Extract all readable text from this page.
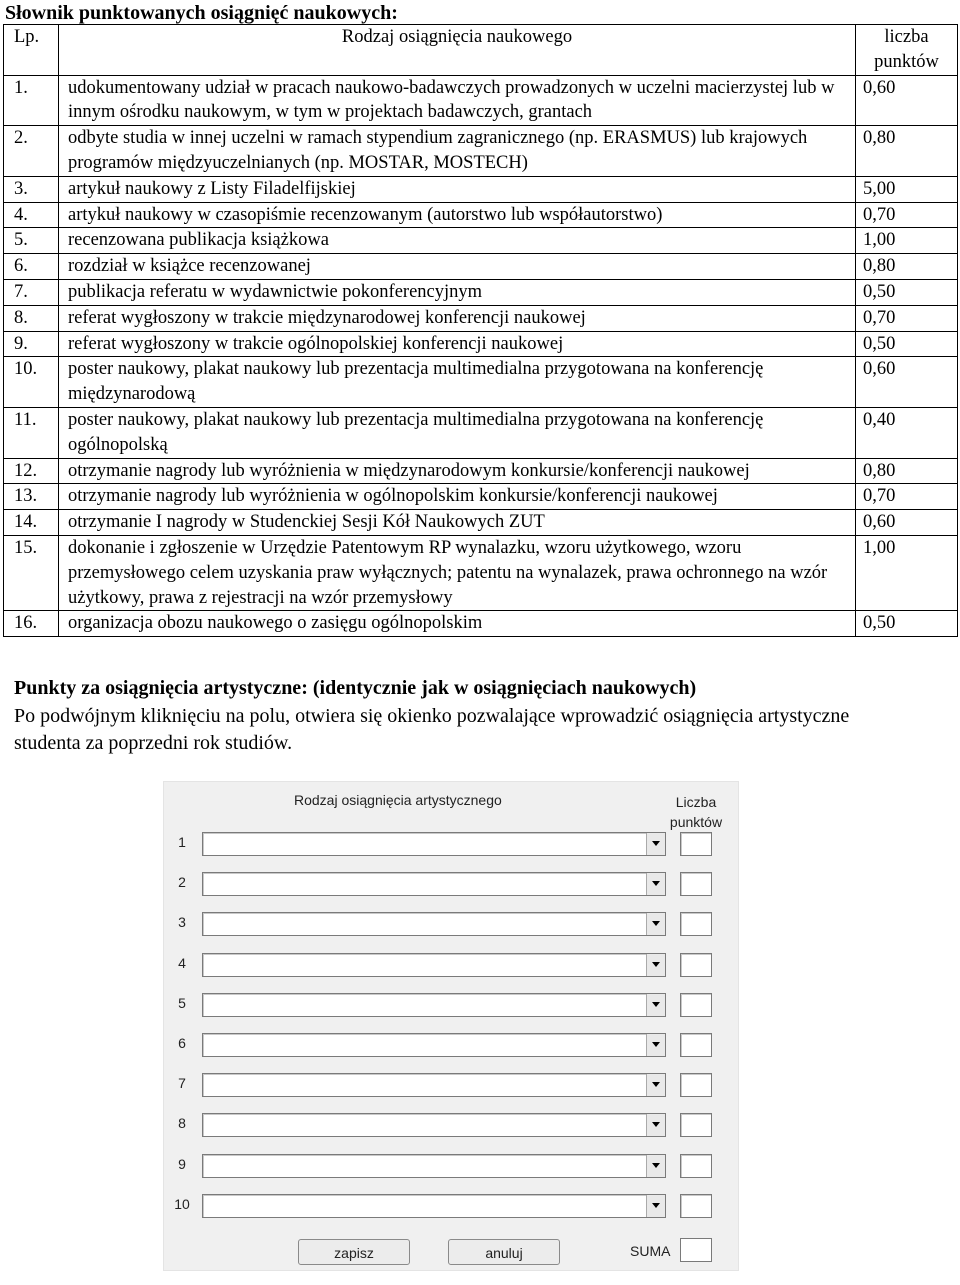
Słownik punktowanych osiągnięć naukowych:
Lp.	Rodzaj osiągnięcia naukowego	liczba punktów
1.	udokumentowany udział w pracach naukowo-badawczych prowadzonych w uczelni macierzystej lub w innym ośrodku naukowym, w tym w projektach badawczych, grantach	0,60
2.	odbyte studia w innej uczelni w ramach stypendium zagranicznego (np. ERASMUS) lub krajowych programów międzyuczelnianych (np. MOSTAR, MOSTECH)	0,80
3.	artykuł naukowy z Listy Filadelfijskiej	5,00
4.	artykuł naukowy w czasopiśmie recenzowanym (autorstwo lub współautorstwo)	0,70
5.	recenzowana publikacja książkowa	1,00
6.	rozdział w książce recenzowanej	0,80
7.	publikacja referatu w wydawnictwie pokonferencyjnym	0,50
8.	referat wygłoszony w trakcie międzynarodowej konferencji naukowej	0,70
9.	referat wygłoszony w trakcie ogólnopolskiej konferencji naukowej	0,50
10.	poster naukowy, plakat naukowy lub prezentacja multimedialna przygotowana na konferencję międzynarodową	0,60
11.	poster naukowy, plakat naukowy lub prezentacja multimedialna przygotowana na konferencję ogólnopolską	0,40
12.	otrzymanie nagrody lub wyróżnienia w międzynarodowym konkursie/konferencji naukowej	0,80
13.	otrzymanie nagrody lub wyróżnienia w ogólnopolskim konkursie/konferencji naukowej	0,70
14.	otrzymanie I nagrody w Studenckiej Sesji Kół Naukowych ZUT	0,60
15.	dokonanie i zgłoszenie w Urzędzie Patentowym RP wynalazku, wzoru użytkowego, wzoru przemysłowego celem uzyskania praw wyłącznych; patentu na wynalazek, prawa ochronnego na wzór użytkowy, prawa z rejestracji na wzór przemysłowy	1,00
16.	organizacja obozu naukowego o zasięgu ogólnopolskim	0,50
Punkty za osiągnięcia artystyczne: (identycznie jak w osiągnięciach naukowych)
Po podwójnym kliknięciu na polu, otwiera się okienko pozwalające wprowadzić osiągnięcia artystyczne studenta za poprzedni rok studiów.
Rodzaj osiągnięcia artystycznego	Liczba punktów
1
2
3
4
5
6
7
8
9
10
zapisz	anuluj	SUMA
